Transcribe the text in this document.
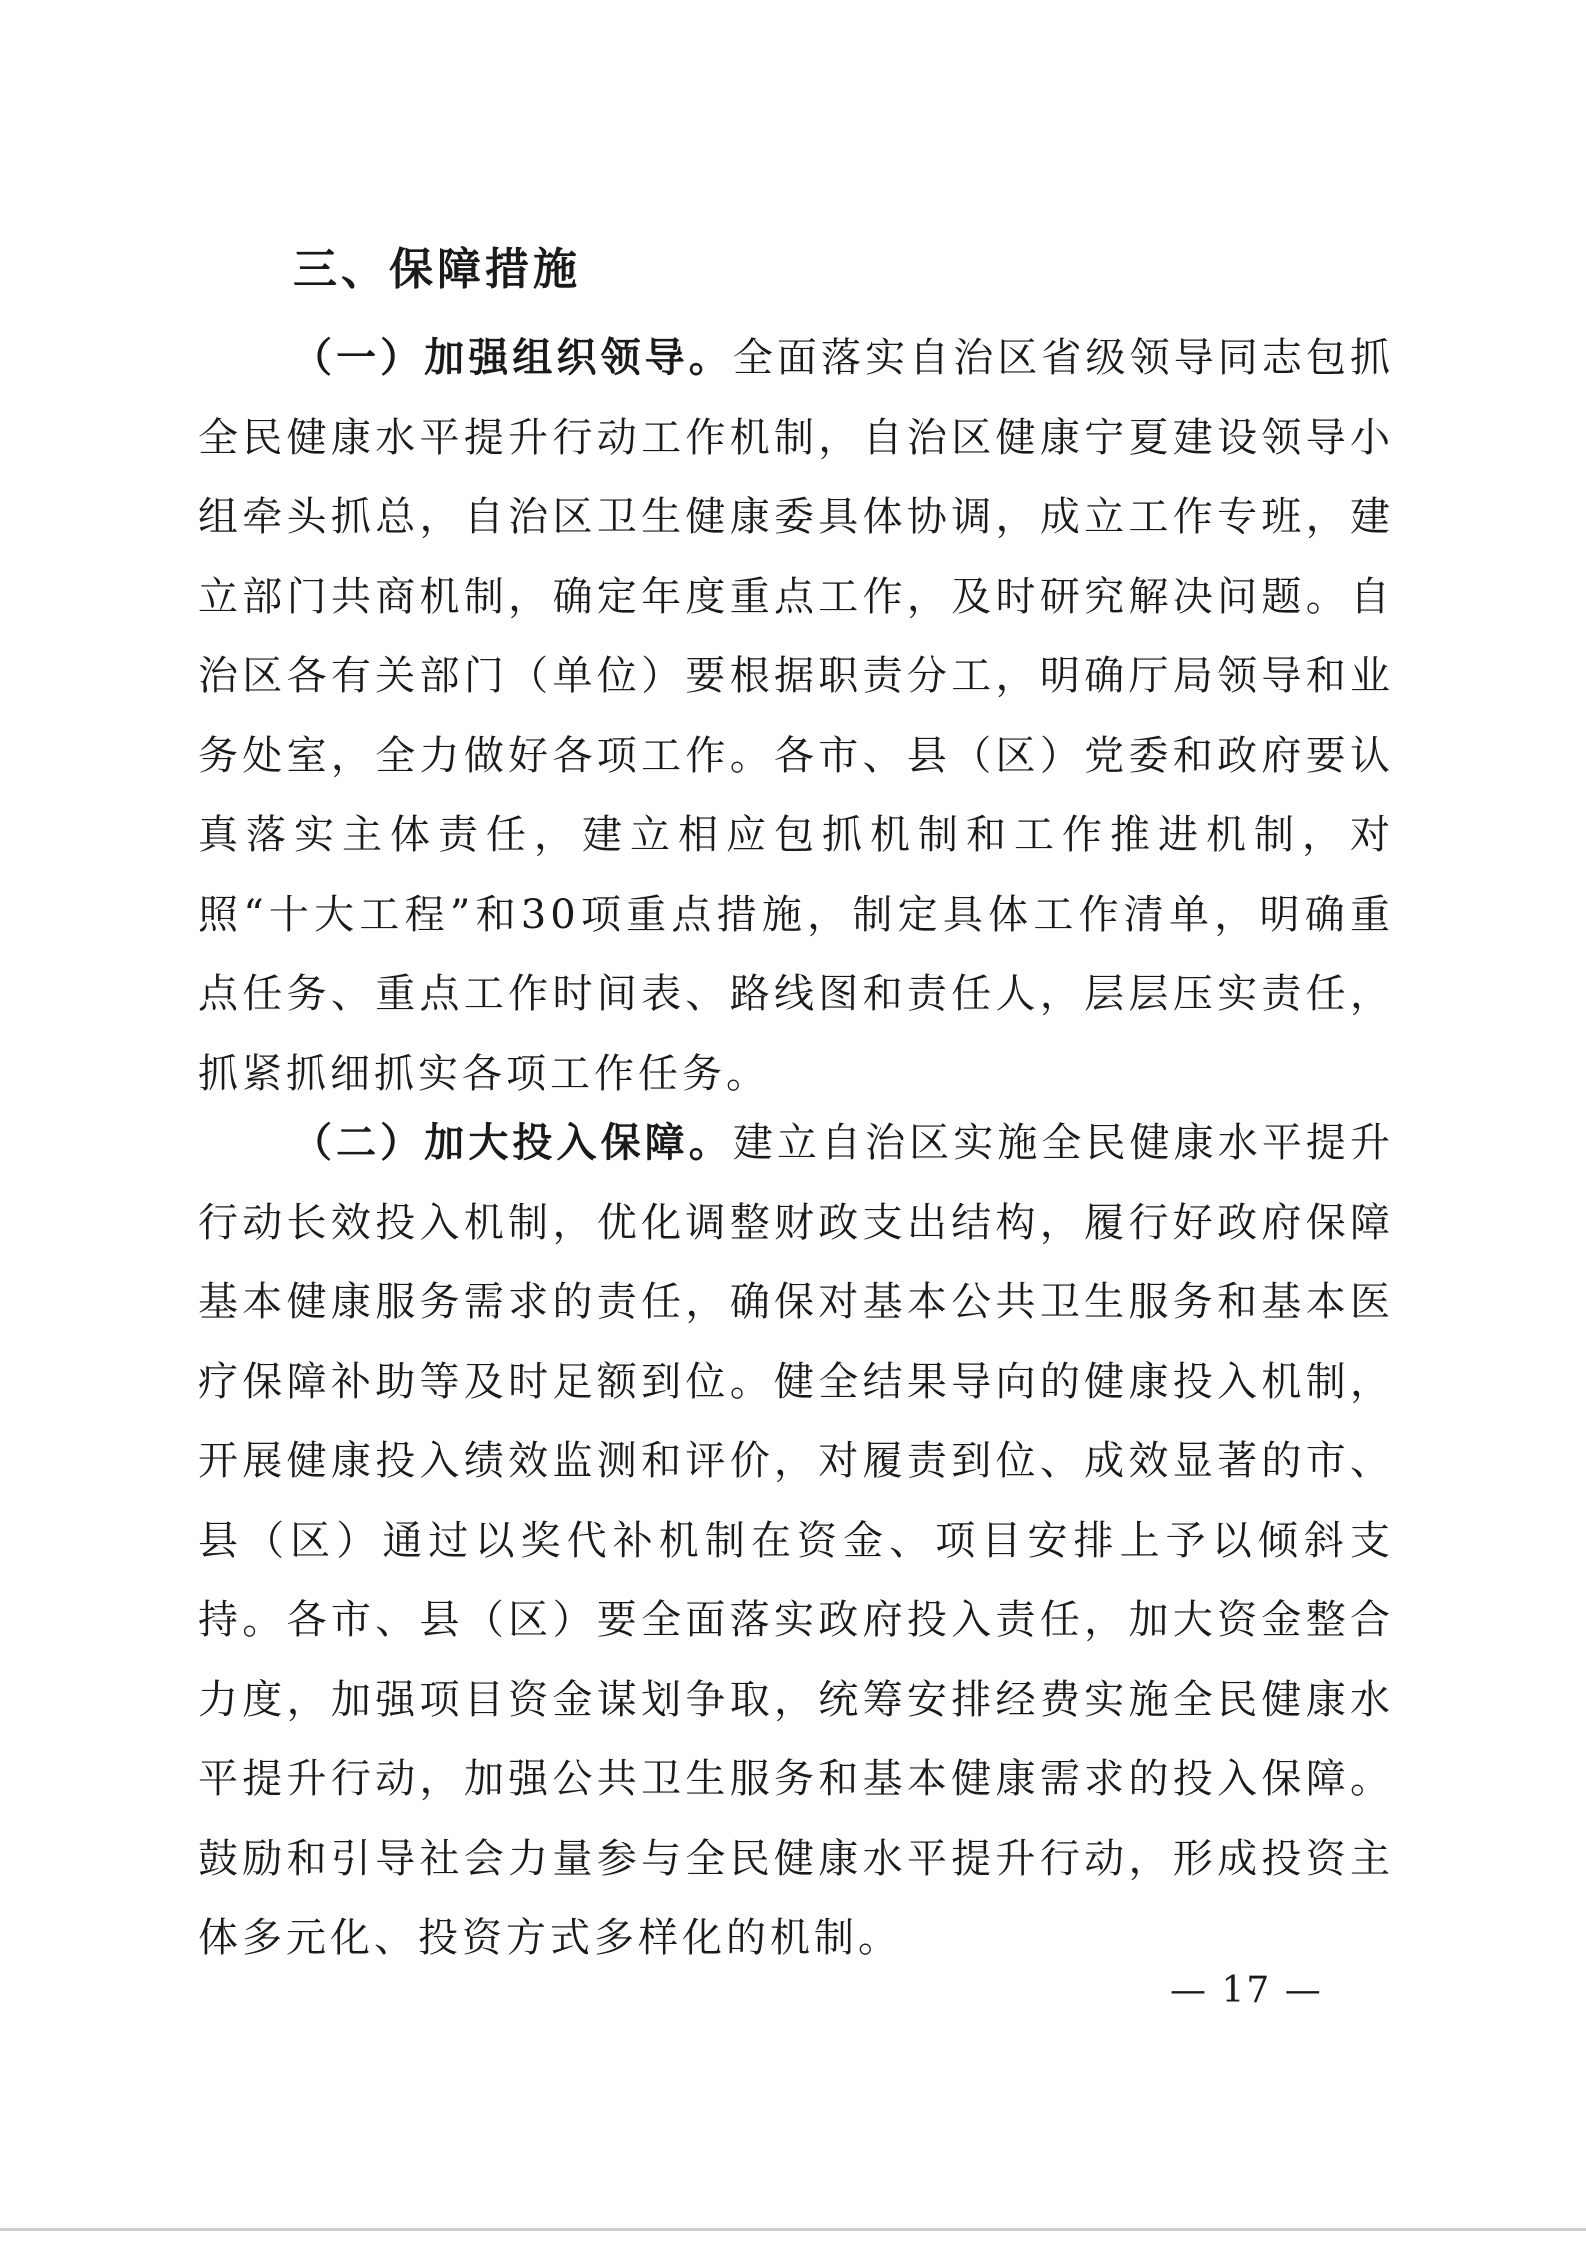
三、保障措施

（一）加强组织领导。全面落实自治区省级领导同志包抓全民健康水平提升行动工作机制，自治区健康宁夏建设领导小组牵头抓总，自治区卫生健康委具体协调，成立工作专班，建立部门共商机制，确定年度重点工作，及时研究解决问题。自治区各有关部门（单位）要根据职责分工，明确厅局领导和业务处室，全力做好各项工作。各市、县（区）党委和政府要认真落实主体责任，建立相应包抓机制和工作推进机制，对照“十大工程”和30项重点措施，制定具体工作清单，明确重点任务、重点工作时间表、路线图和责任人，层层压实责任，抓紧抓细抓实各项工作任务。

（二）加大投入保障。建立自治区实施全民健康水平提升行动长效投入机制，优化调整财政支出结构，履行好政府保障基本健康服务需求的责任，确保对基本公共卫生服务和基本医疗保障补助等及时足额到位。健全结果导向的健康投入机制，开展健康投入绩效监测和评价，对履责到位、成效显著的市、县（区）通过以奖代补机制在资金、项目安排上予以倾斜支持。各市、县（区）要全面落实政府投入责任，加大资金整合力度，加强项目资金谋划争取，统筹安排经费实施全民健康水平提升行动，加强公共卫生服务和基本健康需求的投入保障。鼓励和引导社会力量参与全民健康水平提升行动，形成投资主体多元化、投资方式多样化的机制。

— 17 —
